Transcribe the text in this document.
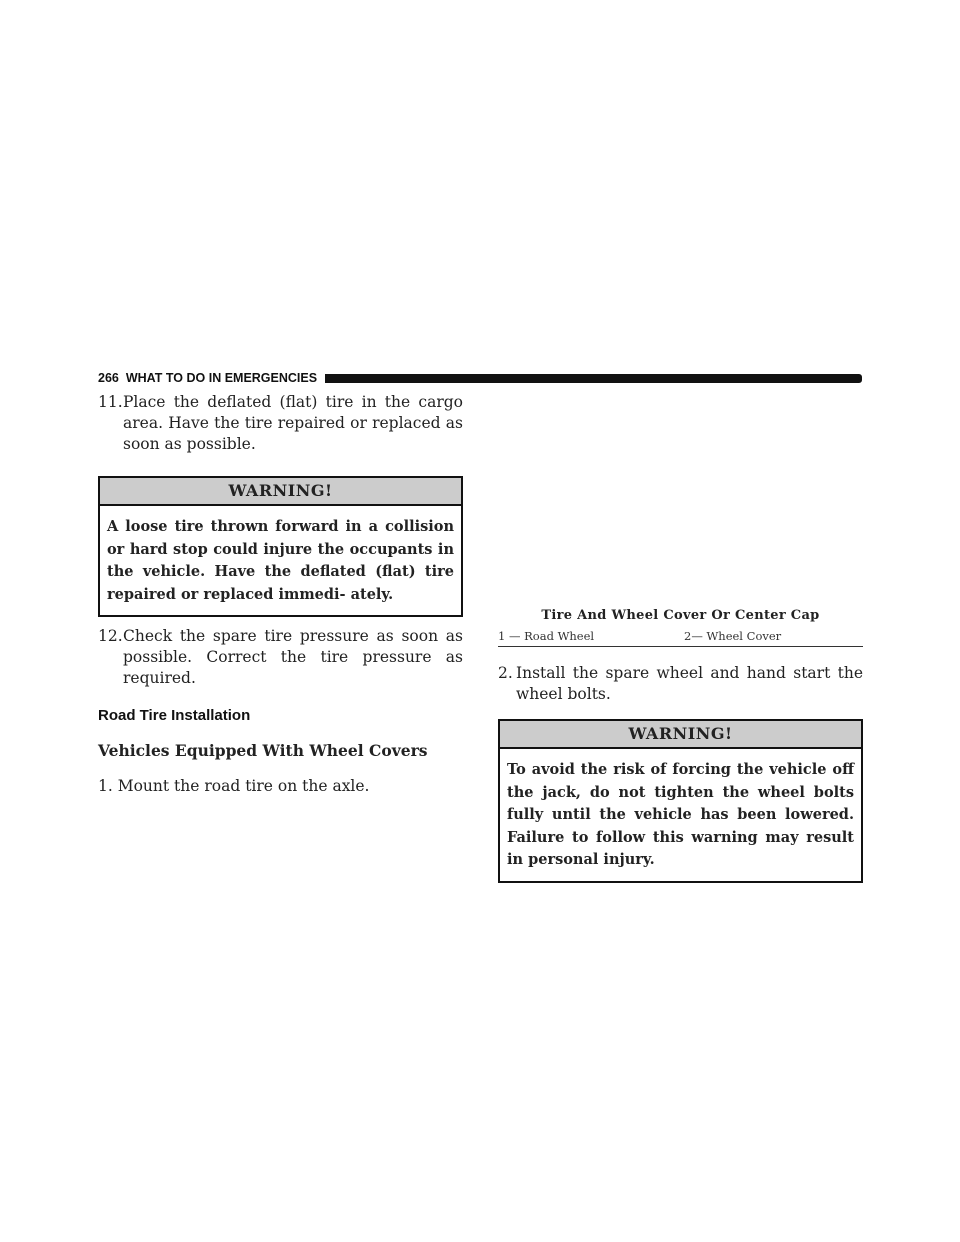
266 WHAT TO DO IN EMERGENCIES
11. Place the deflated (flat) tire in the cargo area. Have the tire repaired or replaced as soon as possible.
WARNING!
A loose tire thrown forward in a collision or hard stop could injure the occupants in the vehicle. Have the deflated (flat) tire repaired or replaced immedi- ately.
12. Check the spare tire pressure as soon as possible. Correct the tire pressure as required.
Road Tire Installation
Vehicles Equipped With Wheel Covers
1. Mount the road tire on the axle.
Tire And Wheel Cover Or Center Cap
1 — Road Wheel	2— Wheel Cover
2. Install the spare wheel and hand start the wheel bolts.
WARNING!
To avoid the risk of forcing the vehicle off the jack, do not tighten the wheel bolts fully until the vehicle has been lowered. Failure to follow this warning may result in personal injury.
